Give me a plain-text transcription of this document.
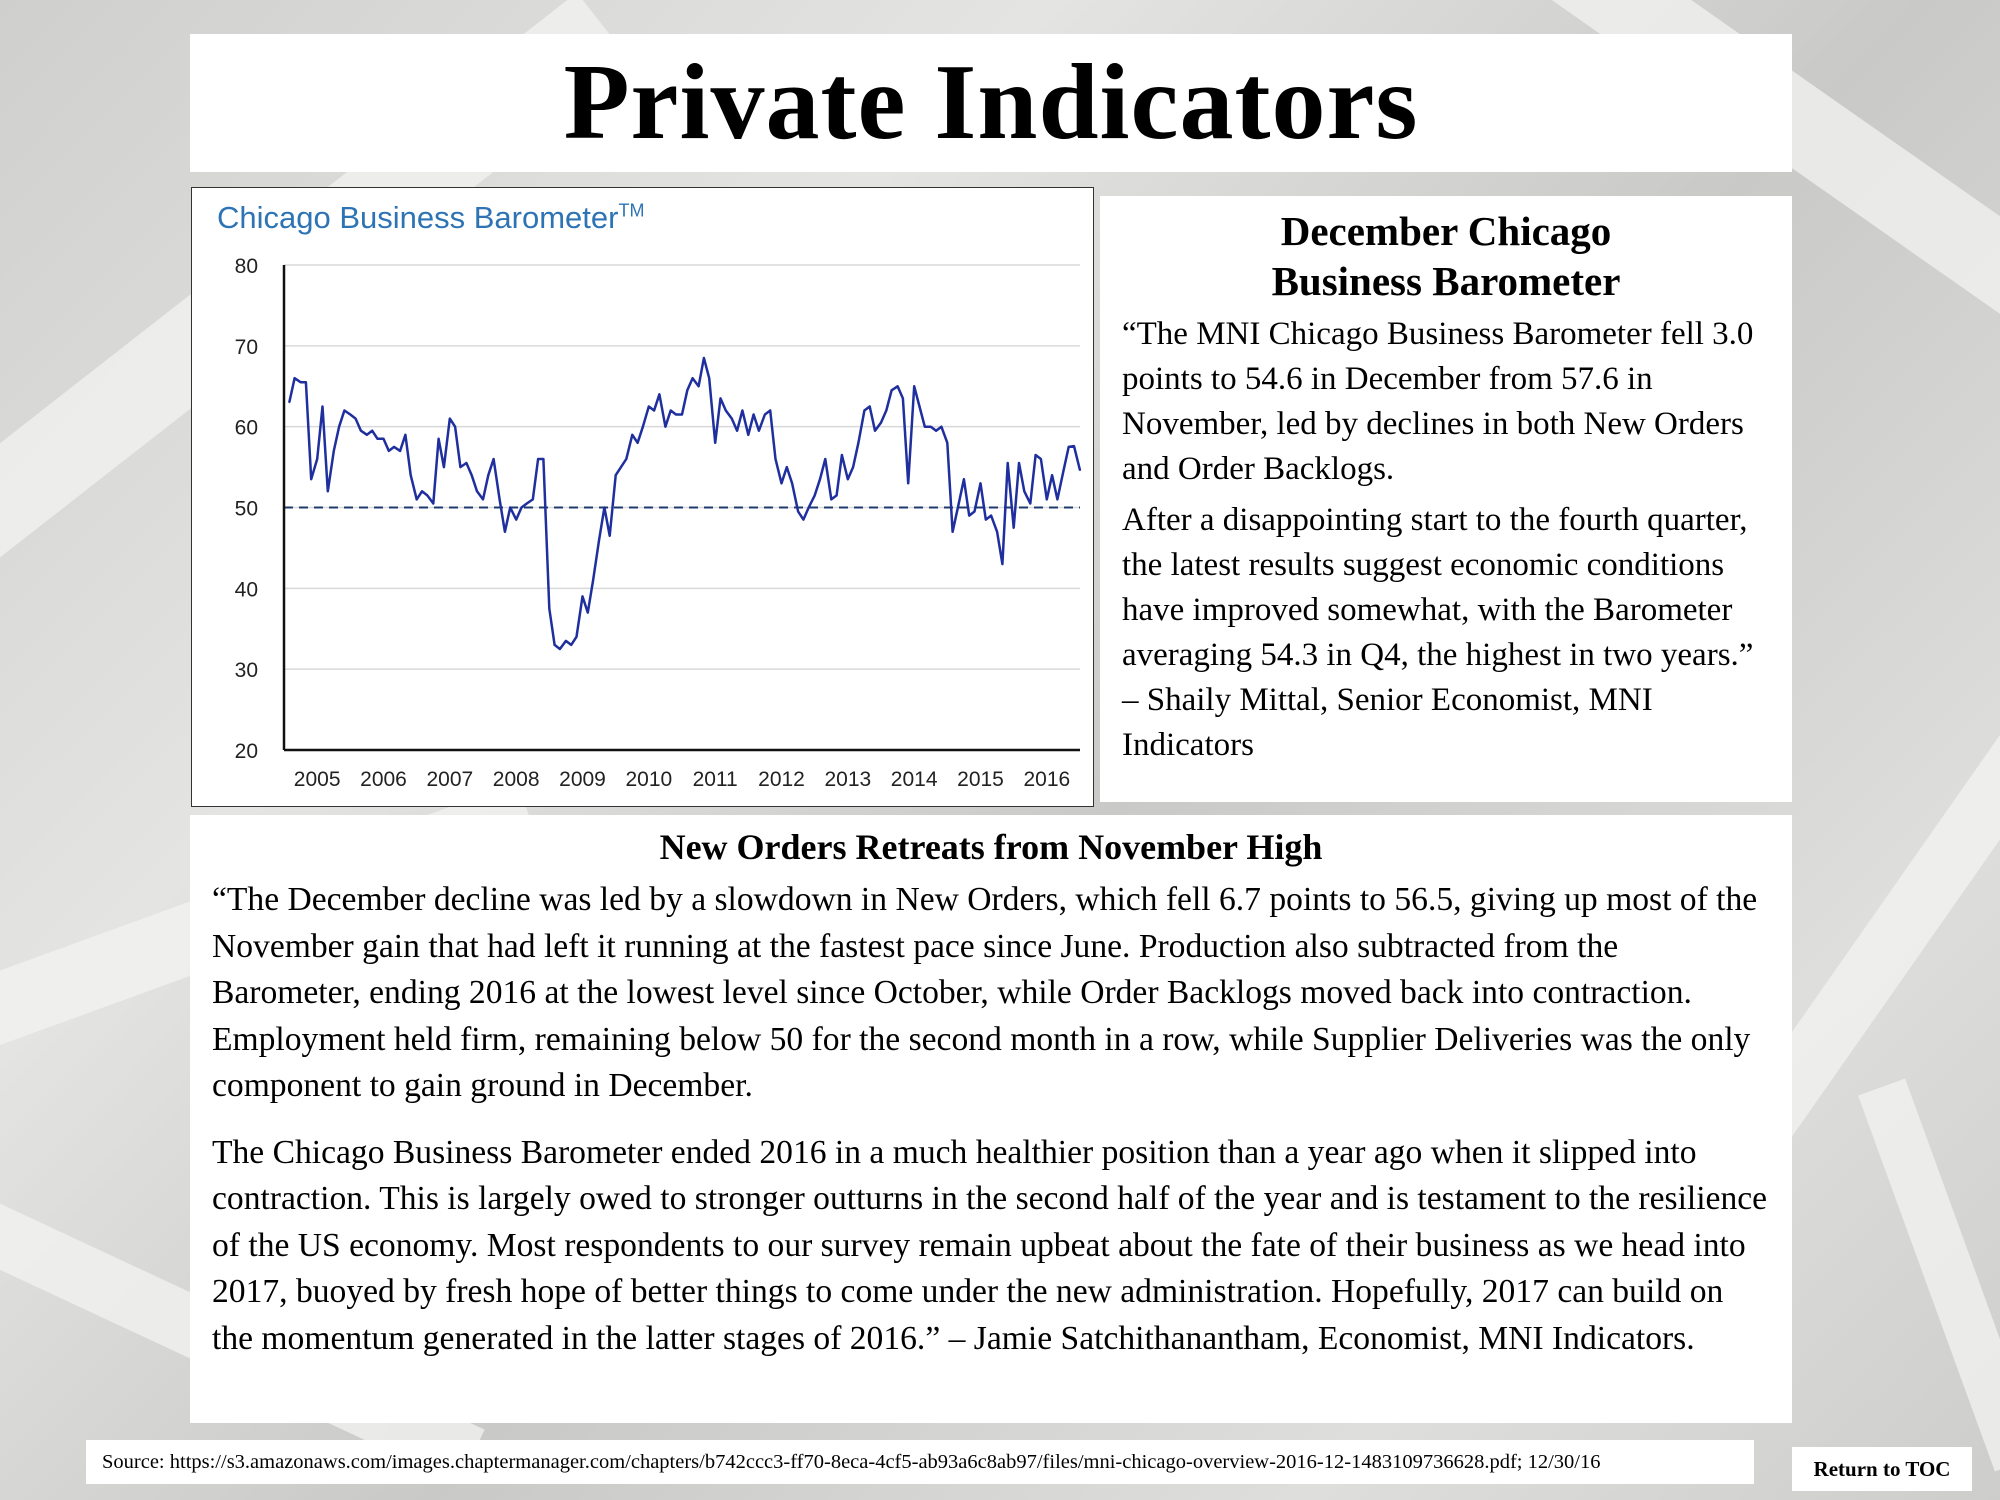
Private Indicators
Chicago Business Barometer™
20
30
40
50
60
70
80
2005 2006 2007 2008 2009 2010 2011 2012 2013 2014 2015 2016
December Chicago
Business Barometer

“The MNI Chicago Business Barometer fell 3.0 points to 54.6 in December from 57.6 in November, led by declines in both New Orders and Order Backlogs.

After a disappointing start to the fourth quarter, the latest results suggest economic conditions have improved somewhat, with the Barometer averaging 54.3 in Q4, the highest in two years.” – Shaily Mittal, Senior Economist, MNI Indicators

New Orders Retreats from November High

“The December decline was led by a slowdown in New Orders, which fell 6.7 points to 56.5, giving up most of the November gain that had left it running at the fastest pace since June. Production also subtracted from the Barometer, ending 2016 at the lowest level since October, while Order Backlogs moved back into contraction. Employment held firm, remaining below 50 for the second month in a row, while Supplier Deliveries was the only component to gain ground in December.

The Chicago Business Barometer ended 2016 in a much healthier position than a year ago when it slipped into contraction. This is largely owed to stronger outturns in the second half of the year and is testament to the resilience of the US economy. Most respondents to our survey remain upbeat about the fate of their business as we head into 2017, buoyed by fresh hope of better things to come under the new administration. Hopefully, 2017 can build on the momentum generated in the latter stages of 2016.” – Jamie Satchithanantham, Economist, MNI Indicators.

Source: https://s3.amazonaws.com/images.chaptermanager.com/chapters/b742ccc3-ff70-8eca-4cf5-ab93a6c8ab97/files/mni-chicago-overview-2016-12-1483109736628.pdf; 12/30/16	Return to TOC
